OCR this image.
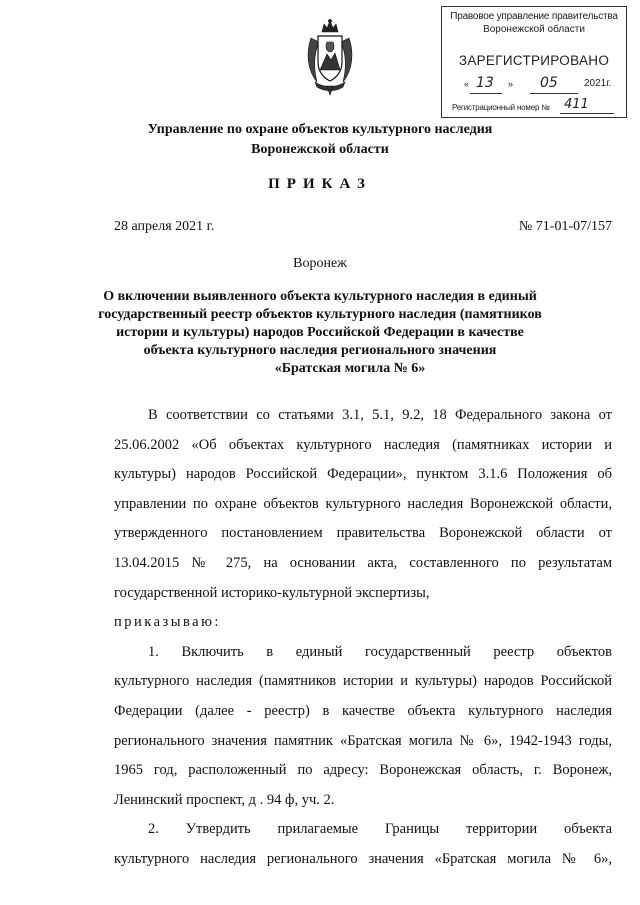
Правовое управление правительства
Воронежской области
ЗАРЕГИСТРИРОВАНО
« 13 » 05	2021г.
Регистрационный номер № 411
Управление по охране объектов культурного наследия
Воронежской области
ПРИКАЗ
28 апреля 2021 г.	№ 71-01-07/157
Воронеж
О включении выявленного объекта культурного наследия в единый
государственный реестр объектов культурного наследия (памятников
истории и культуры) народов Российской Федерации в качестве
объекта культурного наследия регионального значения
«Братская могила № 6»

В соответствии со статьями 3.1, 5.1, 9.2, 18 Федерального закона от

25.06.2002 «Об объектах культурного наследия (памятниках истории и

культуры) народов Российской Федерации», пунктом 3.1.6 Положения об

управлении по охране объектов культурного наследия Воронежской области,

утвержденного постановлением правительства Воронежской области от

13.04.2015 № 275, на основании акта, составленного по результатам

государственной историко-культурной экспертизы,

приказываю:

1. Включить в единый государственный реестр объектов

культурного наследия (памятников истории и культуры) народов Российской

Федерации (далее - реестр) в качестве объекта культурного наследия

регионального значения памятник «Братская могила № 6», 1942-1943 годы,

1965 год, расположенный по адресу: Воронежская область, г. Воронеж,

Ленинский проспект, д . 94 ф, уч. 2.

2. Утвердить прилагаемые Границы территории объекта

культурного наследия регионального значения «Братская могила № 6»,
